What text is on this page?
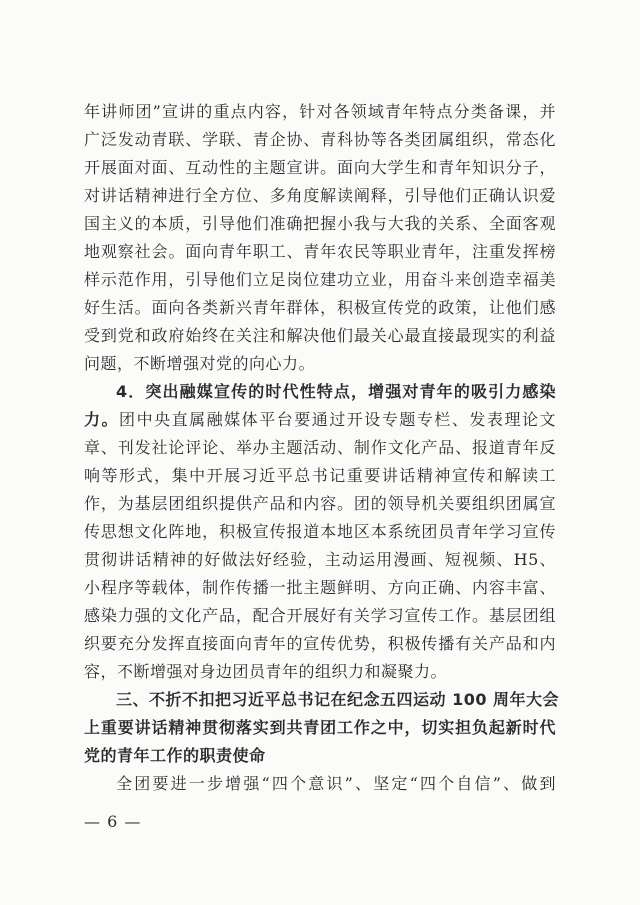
年讲师团”宣讲的重点内容，针对各领域青年特点分类备课，并
广泛发动青联、学联、青企协、青科协等各类团属组织，常态化
开展面对面、互动性的主题宣讲。面向大学生和青年知识分子，
对讲话精神进行全方位、多角度解读阐释，引导他们正确认识爱
国主义的本质，引导他们准确把握小我与大我的关系、全面客观
地观察社会。面向青年职工、青年农民等职业青年，注重发挥榜
样示范作用，引导他们立足岗位建功立业，用奋斗来创造幸福美
好生活。面向各类新兴青年群体，积极宣传党的政策，让他们感
受到党和政府始终在关注和解决他们最关心最直接最现实的利益
问题，不断增强对党的向心力。
4．突出融媒宣传的时代性特点，增强对青年的吸引力感染
力。团中央直属融媒体平台要通过开设专题专栏、发表理论文
章、刊发社论评论、举办主题活动、制作文化产品、报道青年反
响等形式，集中开展习近平总书记重要讲话精神宣传和解读工
作，为基层团组织提供产品和内容。团的领导机关要组织团属宣
传思想文化阵地，积极宣传报道本地区本系统团员青年学习宣传
贯彻讲话精神的好做法好经验，主动运用漫画、短视频、H5、
小程序等载体，制作传播一批主题鲜明、方向正确、内容丰富、
感染力强的文化产品，配合开展好有关学习宣传工作。基层团组
织要充分发挥直接面向青年的宣传优势，积极传播有关产品和内
容，不断增强对身边团员青年的组织力和凝聚力。
三、不折不扣把习近平总书记在纪念五四运动 100 周年大会
上重要讲话精神贯彻落实到共青团工作之中，切实担负起新时代
党的青年工作的职责使命
全团要进一步增强“四个意识”、坚定“四个自信”、做到
— 6 —
